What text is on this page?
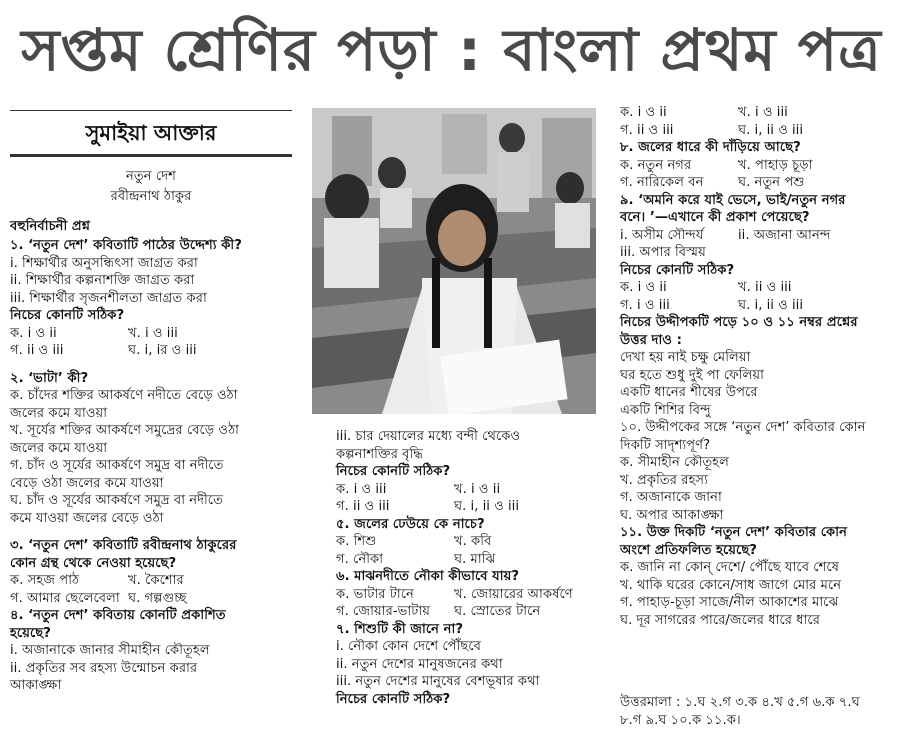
সপ্তম শ্রেণির পড়া : বাংলা প্রথম পত্র
সুমাইয়া আক্তার
নতুন দেশ
রবীন্দ্রনাথ ঠাকুর
বহুনির্বাচনী প্রশ্ন

১. ‘নতুন দেশ’ কবিতাটি পাঠের উদ্দেশ্য কী?

i. শিক্ষার্থীর অনুসন্ধিৎসা জাগ্রত করা

ii. শিক্ষার্থীর কল্পনাশক্তি জাগ্রত করা

iii. শিক্ষার্থীর সৃজনশীলতা জাগ্রত করা

নিচের কোনটি সঠিক?

ক. i ও ii	খ. i ও iii

গ. ii ও iii	ঘ. i, iর ও iii

২. ‘ভাটা’ কী?

ক. চাঁদের শক্তির আকর্ষণে নদীতে বেড়ে ওঠা

জলের কমে যাওয়া

খ. সূর্যের শক্তির আকর্ষণে সমুদ্রের বেড়ে ওঠা

জলের কমে যাওয়া

গ. চাঁদ ও সূর্যের আকর্ষণে সমুদ্র বা নদীতে

বেড়ে ওঠা জলের কমে যাওয়া

ঘ. চাঁদ ও সূর্যের আকর্ষণে সমুদ্র বা নদীতে

কমে যাওয়া জলের বেড়ে ওঠা

৩. ‘নতুন দেশ’ কবিতাটি রবীন্দ্রনাথ ঠাকুরের

কোন গ্রন্থ থেকে নেওয়া হয়েছে?

ক. সহজ পাঠ	খ. কৈশোর

গ. আমার ছেলেবেলা ঘ. গল্পগুচ্ছ

৪. ‘নতুন দেশ’ কবিতায় কোনটি প্রকাশিত

হয়েছে?

i. অজানাকে জানার সীমাহীন কৌতূহল

ii. প্রকৃতির সব রহস্য উন্মোচন করার

আকাঙ্ক্ষা

iii. চার দেয়ালের মধ্যে বন্দী থেকেও

কল্পনাশক্তির বৃদ্ধি

নিচের কোনটি সঠিক?

ক. i ও iii	খ. i ও ii

গ. ii ও iii	ঘ. i, ii ও iii

৫. জলের ঢেউয়ে কে নাচে?

ক. শিশু	খ. কবি

গ. নৌকা	ঘ. মাঝি

৬. মাঝনদীতে নৌকা কীভাবে যায়?

ক. ভাটার টানে	খ. জোয়ারের আকর্ষণে

গ. জোয়ার-ভাটায়	ঘ. স্রোতের টানে

৭. শিশুটি কী জানে না?

i. নৌকা কোন দেশে পৌঁছবে

ii. নতুন দেশের মানুষজনের কথা

iii. নতুন দেশের মানুষের বেশভূষার কথা

নিচের কোনটি সঠিক?

ক. i ও ii	খ. i ও iii

গ. ii ও iii	ঘ. i, ii ও iii

৮. জলের ধারে কী দাঁড়িয়ে আছে?

ক. নতুন নগর	খ. পাহাড় চূড়া

গ. নারিকেল বন	ঘ. নতুন পশু

৯. ‘অমনি করে যাই ভেসে, ভাই/নতুন নগর

বনে। ’—এখানে কী প্রকাশ পেয়েছে?

i. অসীম সৌন্দর্য	ii. অজানা আনন্দ

iii. অপার বিস্ময়

নিচের কোনটি সঠিক?

ক. i ও ii	খ. ii ও iii

গ. i ও iii	ঘ. i, ii ও iii

নিচের উদ্দীপকটি পড়ে ১০ ও ১১ নম্বর প্রশ্নের

উত্তর দাও :

দেখা হয় নাই চক্ষু মেলিয়া

ঘর হতে শুধু দুই পা ফেলিয়া

একটি ধানের শীষের উপরে

একটি শিশির বিন্দু

১০. উদ্দীপকের সঙ্গে ‘নতুন দেশ’ কবিতার কোন

দিকটি সাদৃশ্যপূর্ণ?

ক. সীমাহীন কৌতূহল

খ. প্রকৃতির রহস্য

গ. অজানাকে জানা

ঘ. অপার আকাঙ্ক্ষা

১১. উক্ত দিকটি ‘নতুন দেশ’ কবিতার কোন

অংশে প্রতিফলিত হয়েছে?

ক. জানি না কোন্ দেশে/ পৌঁছে যাবে শেষে

খ. থাকি ঘরের কোনে/সাধ জাগে মোর মনে

গ. পাহাড়-চূড়া সাজে/নীল আকাশের মাঝে

ঘ. দূর সাগরের পারে/জলের ধারে ধারে

উত্তরমালা : ১.ঘ ২.গ ৩.ক ৪.খ ৫.গ ৬.ক ৭.ঘ

৮.গ ৯.ঘ ১০.ক ১১.ক।
